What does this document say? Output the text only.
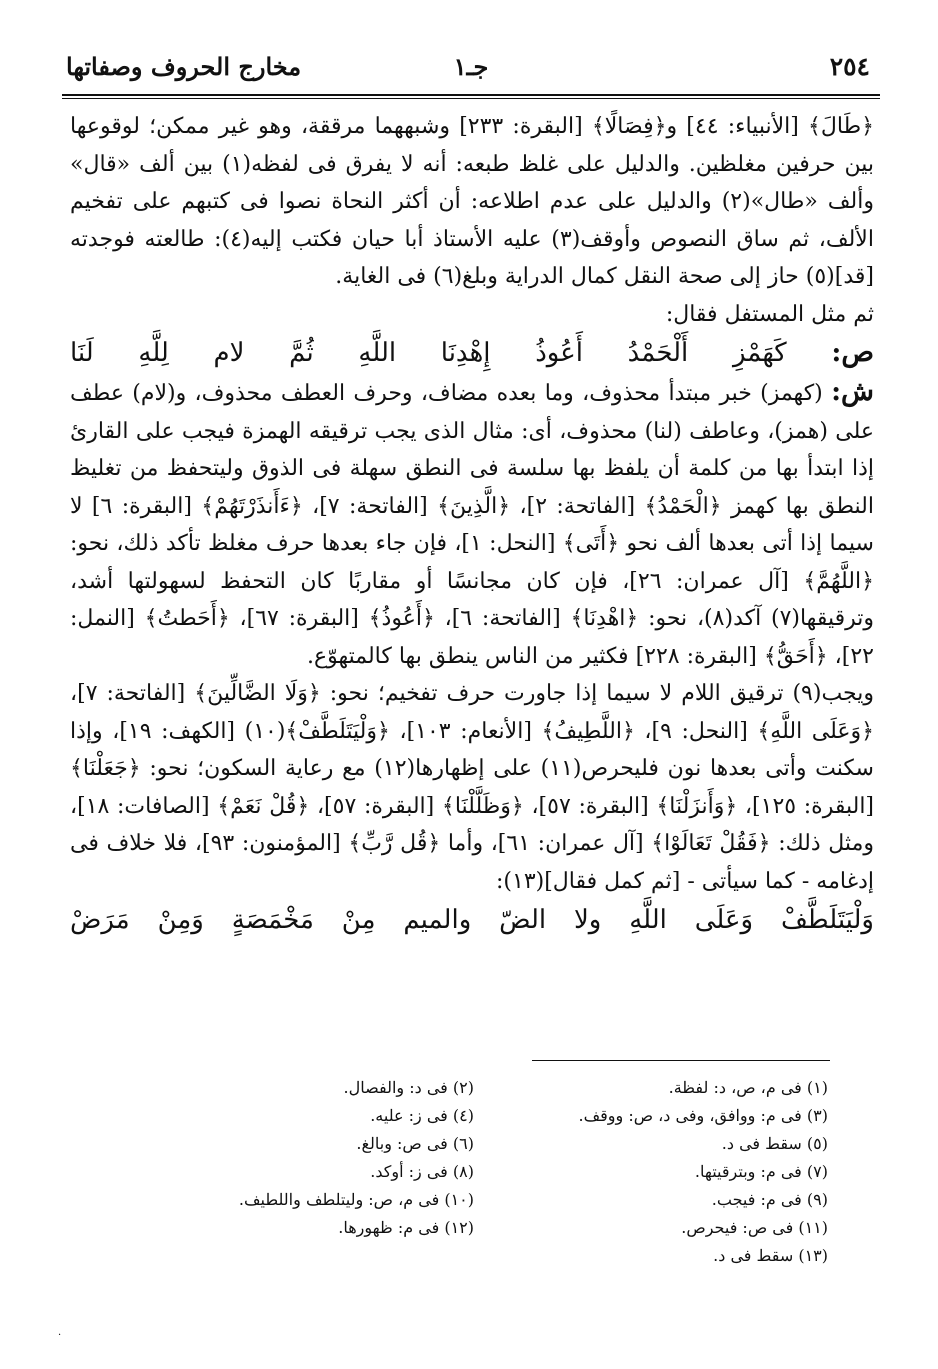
٢٥٤
جـ١
مخارج الحروف وصفاتها

﴿طَالَ﴾ [الأنبياء: ٤٤] و﴿فِصَالًا﴾ [البقرة: ٢٣٣] وشبههما مرققة، وهو غير ممكن؛ لوقوعها بين حرفين مغلظين. والدليل على غلظ طبعه: أنه لا يفرق فى لفظه(١) بين ألف «قال» وألف «طال»(٢) والدليل على عدم اطلاعه: أن أكثر النحاة نصوا فى كتبهم على تفخيم الألف، ثم ساق النصوص وأوقف(٣) عليه الأستاذ أبا حيان فكتب إليه(٤): طالعته فوجدته [قد](٥) حاز إلى صحة النقل كمال الدراية وبلغ(٦) فى الغاية.

ثم مثل المستفل فقال:

ص: كَهَمْزِ أَلْحَمْدُ أَعُوذُ إِهْدِنَا اللَّهِ ثُمَّ لام لِلَّهِ لَنَا

ش: (كهمز) خبر مبتدأ محذوف، وما بعده مضاف، وحرف العطف محذوف، و(لام) عطف على (همز)، وعاطف (لنا) محذوف، أى: مثال الذى يجب ترقيقه الهمزة فيجب على القارئ إذا ابتدأ بها من كلمة أن يلفظ بها سلسة فى النطق سهلة فى الذوق وليتحفظ من تغليظ النطق بها كهمز ﴿الْحَمْدُ﴾ [الفاتحة: ٢]، ﴿الَّذِينَ﴾ [الفاتحة: ٧]، ﴿ءَأَنذَرْتَهُمْ﴾ [البقرة: ٦] لا سيما إذا أتى بعدها ألف نحو ﴿أَتَى﴾ [النحل: ١]، فإن جاء بعدها حرف مغلظ تأكد ذلك، نحو: ﴿اللَّهُمَّ﴾ [آل عمران: ٢٦]، فإن كان مجانسًا أو مقاربًا كان التحفظ لسهولتها أشد، وترقيقها(٧) آكد(٨)، نحو: ﴿اهْدِنَا﴾ [الفاتحة: ٦]، ﴿أَعُوذُ﴾ [البقرة: ٦٧]، ﴿أَحَطتُ﴾ [النمل: ٢٢]، ﴿أَحَقُّ﴾ [البقرة: ٢٢٨] فكثير من الناس ينطق بها كالمتهوّع.

ويجب(٩) ترقيق اللام لا سيما إذا جاورت حرف تفخيم؛ نحو: ﴿وَلَا الضَّالِّينَ﴾ [الفاتحة: ٧]، ﴿وَعَلَى اللَّهِ﴾ [النحل: ٩]، ﴿اللَّطِيفُ﴾ [الأنعام: ١٠٣]، ﴿وَلْيَتَلَطَّفْ﴾(١٠) [الكهف: ١٩]، وإذا سكنت وأتى بعدها نون فليحرص(١١) على إظهارها(١٢) مع رعاية السكون؛ نحو: ﴿جَعَلْنَا﴾ [البقرة: ١٢٥]، ﴿وَأَنزَلْنَا﴾ [البقرة: ٥٧]، ﴿وَظَلَّلْنَا﴾ [البقرة: ٥٧]، ﴿قُلْ نَعَمْ﴾ [الصافات: ١٨]، ومثل ذلك: ﴿فَقُلْ تَعَالَوْا﴾ [آل عمران: ٦١]، وأما ﴿قُل رَّبِّ﴾ [المؤمنون: ٩٣]، فلا خلاف فى إدغامه - كما سيأتى - [ثم كمل فقال](١٣):

وَلْيَتَلَطَّفْ وَعَلَى اللَّهِ ولا الضّ والميم مِنْ مَخْمَصَةٍ وَمِنْ مَرَضْ

(١) فى م، ص، د: لفظة.
(٢) فى د: والفصال.
(٣) فى م: ووافق، وفى د، ص: ووقف.
(٤) فى ز: عليه.
(٥) سقط فى د.
(٦) فى ص: وبالغ.
(٧) فى م: وبترقيتها.
(٨) فى ز: أوكد.
(٩) فى م: فيجب.
(١٠) فى م، ص: وليتلطف واللطيف.
(١١) فى ص: فيحرص.
(١٢) فى م: ظهورها.
(١٣) سقط فى د.
·
